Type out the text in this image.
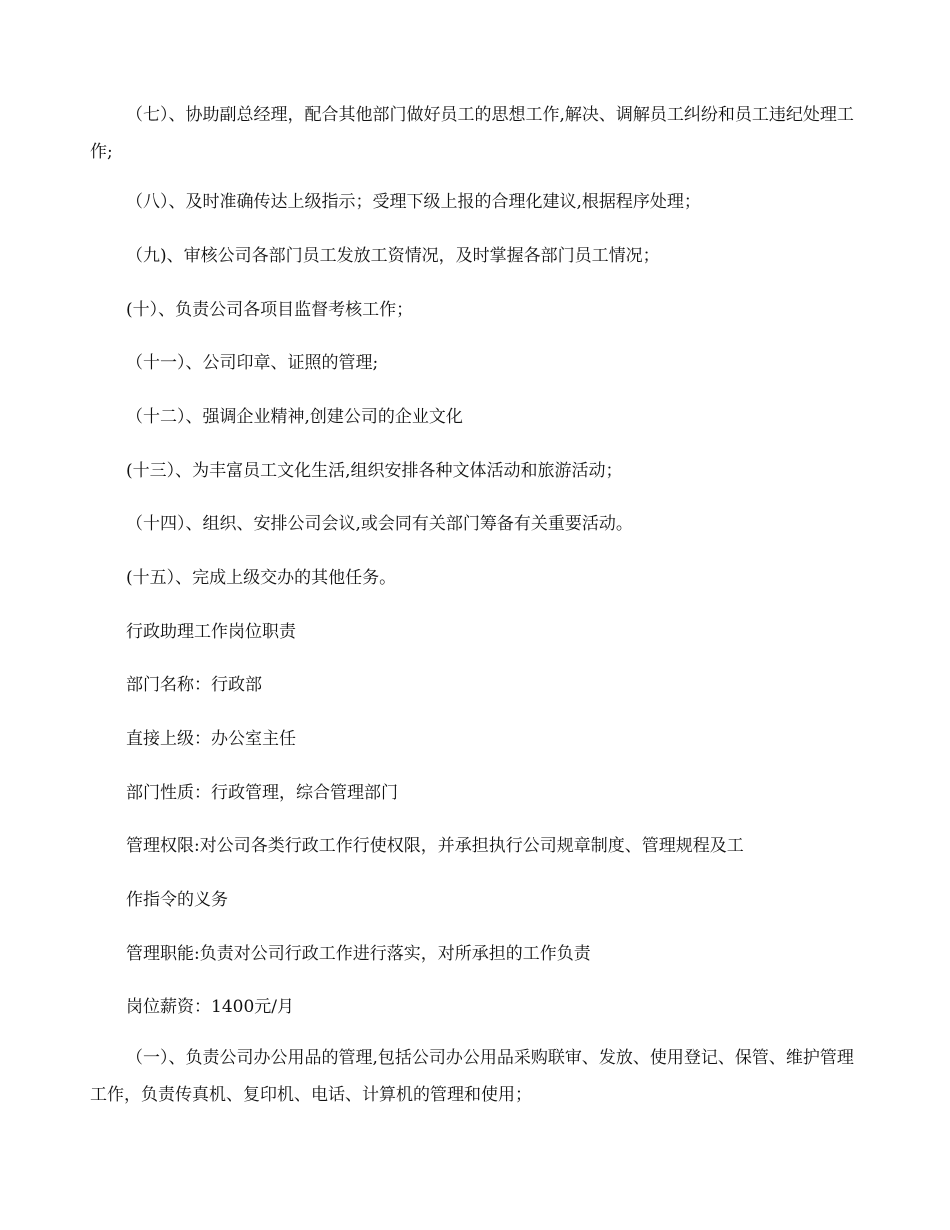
（七）、协助副总经理，配合其他部门做好员工的思想工作,解决、调解员工纠纷和员工违纪处理工作;
（八）、及时准确传达上级指示；受理下级上报的合理化建议,根据程序处理；
（九)、审核公司各部门员工发放工资情况，及时掌握各部门员工情况；
(十）、负责公司各项目监督考核工作；
（十一）、公司印章、证照的管理;
（十二）、强调企业精神,创建公司的企业文化
(十三）、为丰富员工文化生活,组织安排各种文体活动和旅游活动；
（十四）、组织、安排公司会议,或会同有关部门筹备有关重要活动。
(十五）、完成上级交办的其他任务。
行政助理工作岗位职责
部门名称：行政部
直接上级：办公室主任
部门性质：行政管理，综合管理部门
管理权限:对公司各类行政工作行使权限，并承担执行公司规章制度、管理规程及工
作指令的义务
管理职能:负责对公司行政工作进行落实，对所承担的工作负责
岗位薪资：1400元/月
（一）、负责公司办公用品的管理,包括公司办公用品采购联审、发放、使用登记、保管、维护管理工作，负责传真机、复印机、电话、计算机的管理和使用；
